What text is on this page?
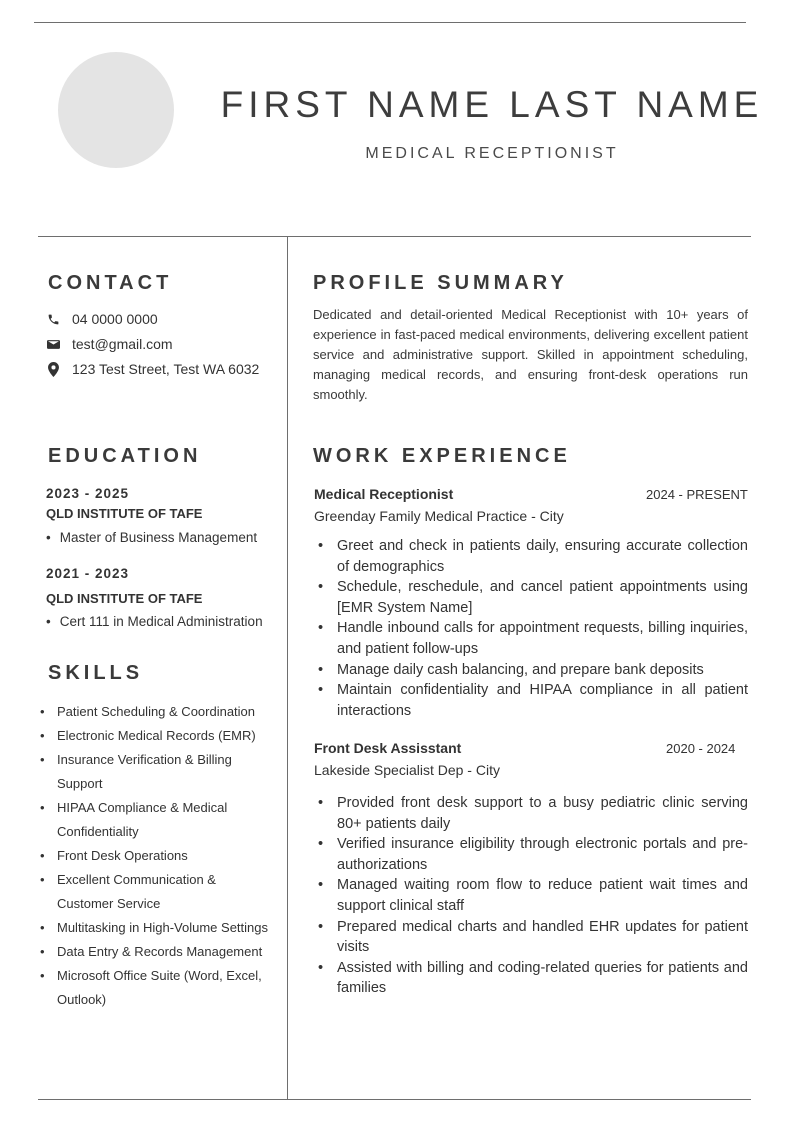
FIRST NAME LAST NAME
MEDICAL RECEPTIONIST
CONTACT
04 0000 0000
test@gmail.com
123 Test Street, Test WA 6032
EDUCATION
2023 - 2025
QLD INSTITUTE OF TAFE
• Master of Business Management
2021 - 2023
QLD INSTITUTE OF TAFE
• Cert 111 in Medical Administration
SKILLS
• Patient Scheduling & Coordination
• Electronic Medical Records (EMR)
• Insurance Verification & Billing Support
• HIPAA Compliance & Medical Confidentiality
• Front Desk Operations
• Excellent Communication & Customer Service
• Multitasking in High-Volume Settings
• Data Entry & Records Management
• Microsoft Office Suite (Word, Excel, Outlook)
PROFILE SUMMARY
Dedicated and detail-oriented Medical Receptionist with 10+ years of experience in fast-paced medical environments, delivering excellent patient service and administrative support. Skilled in appointment scheduling, managing medical records, and ensuring front-desk operations run smoothly.
WORK EXPERIENCE
Medical Receptionist	2024 - PRESENT
Greenday Family Medical Practice - City
• Greet and check in patients daily, ensuring accurate collection of demographics
• Schedule, reschedule, and cancel patient appointments using [EMR System Name]
• Handle inbound calls for appointment requests, billing inquiries, and patient follow-ups
• Manage daily cash balancing, and prepare bank deposits
• Maintain confidentiality and HIPAA compliance in all patient interactions
Front Desk Assisstant	2020 - 2024
Lakeside Specialist Dep - City
• Provided front desk support to a busy pediatric clinic serving 80+ patients daily
• Verified insurance eligibility through electronic portals and pre-authorizations
• Managed waiting room flow to reduce patient wait times and support clinical staff
• Prepared medical charts and handled EHR updates for patient visits
• Assisted with billing and coding-related queries for patients and families
